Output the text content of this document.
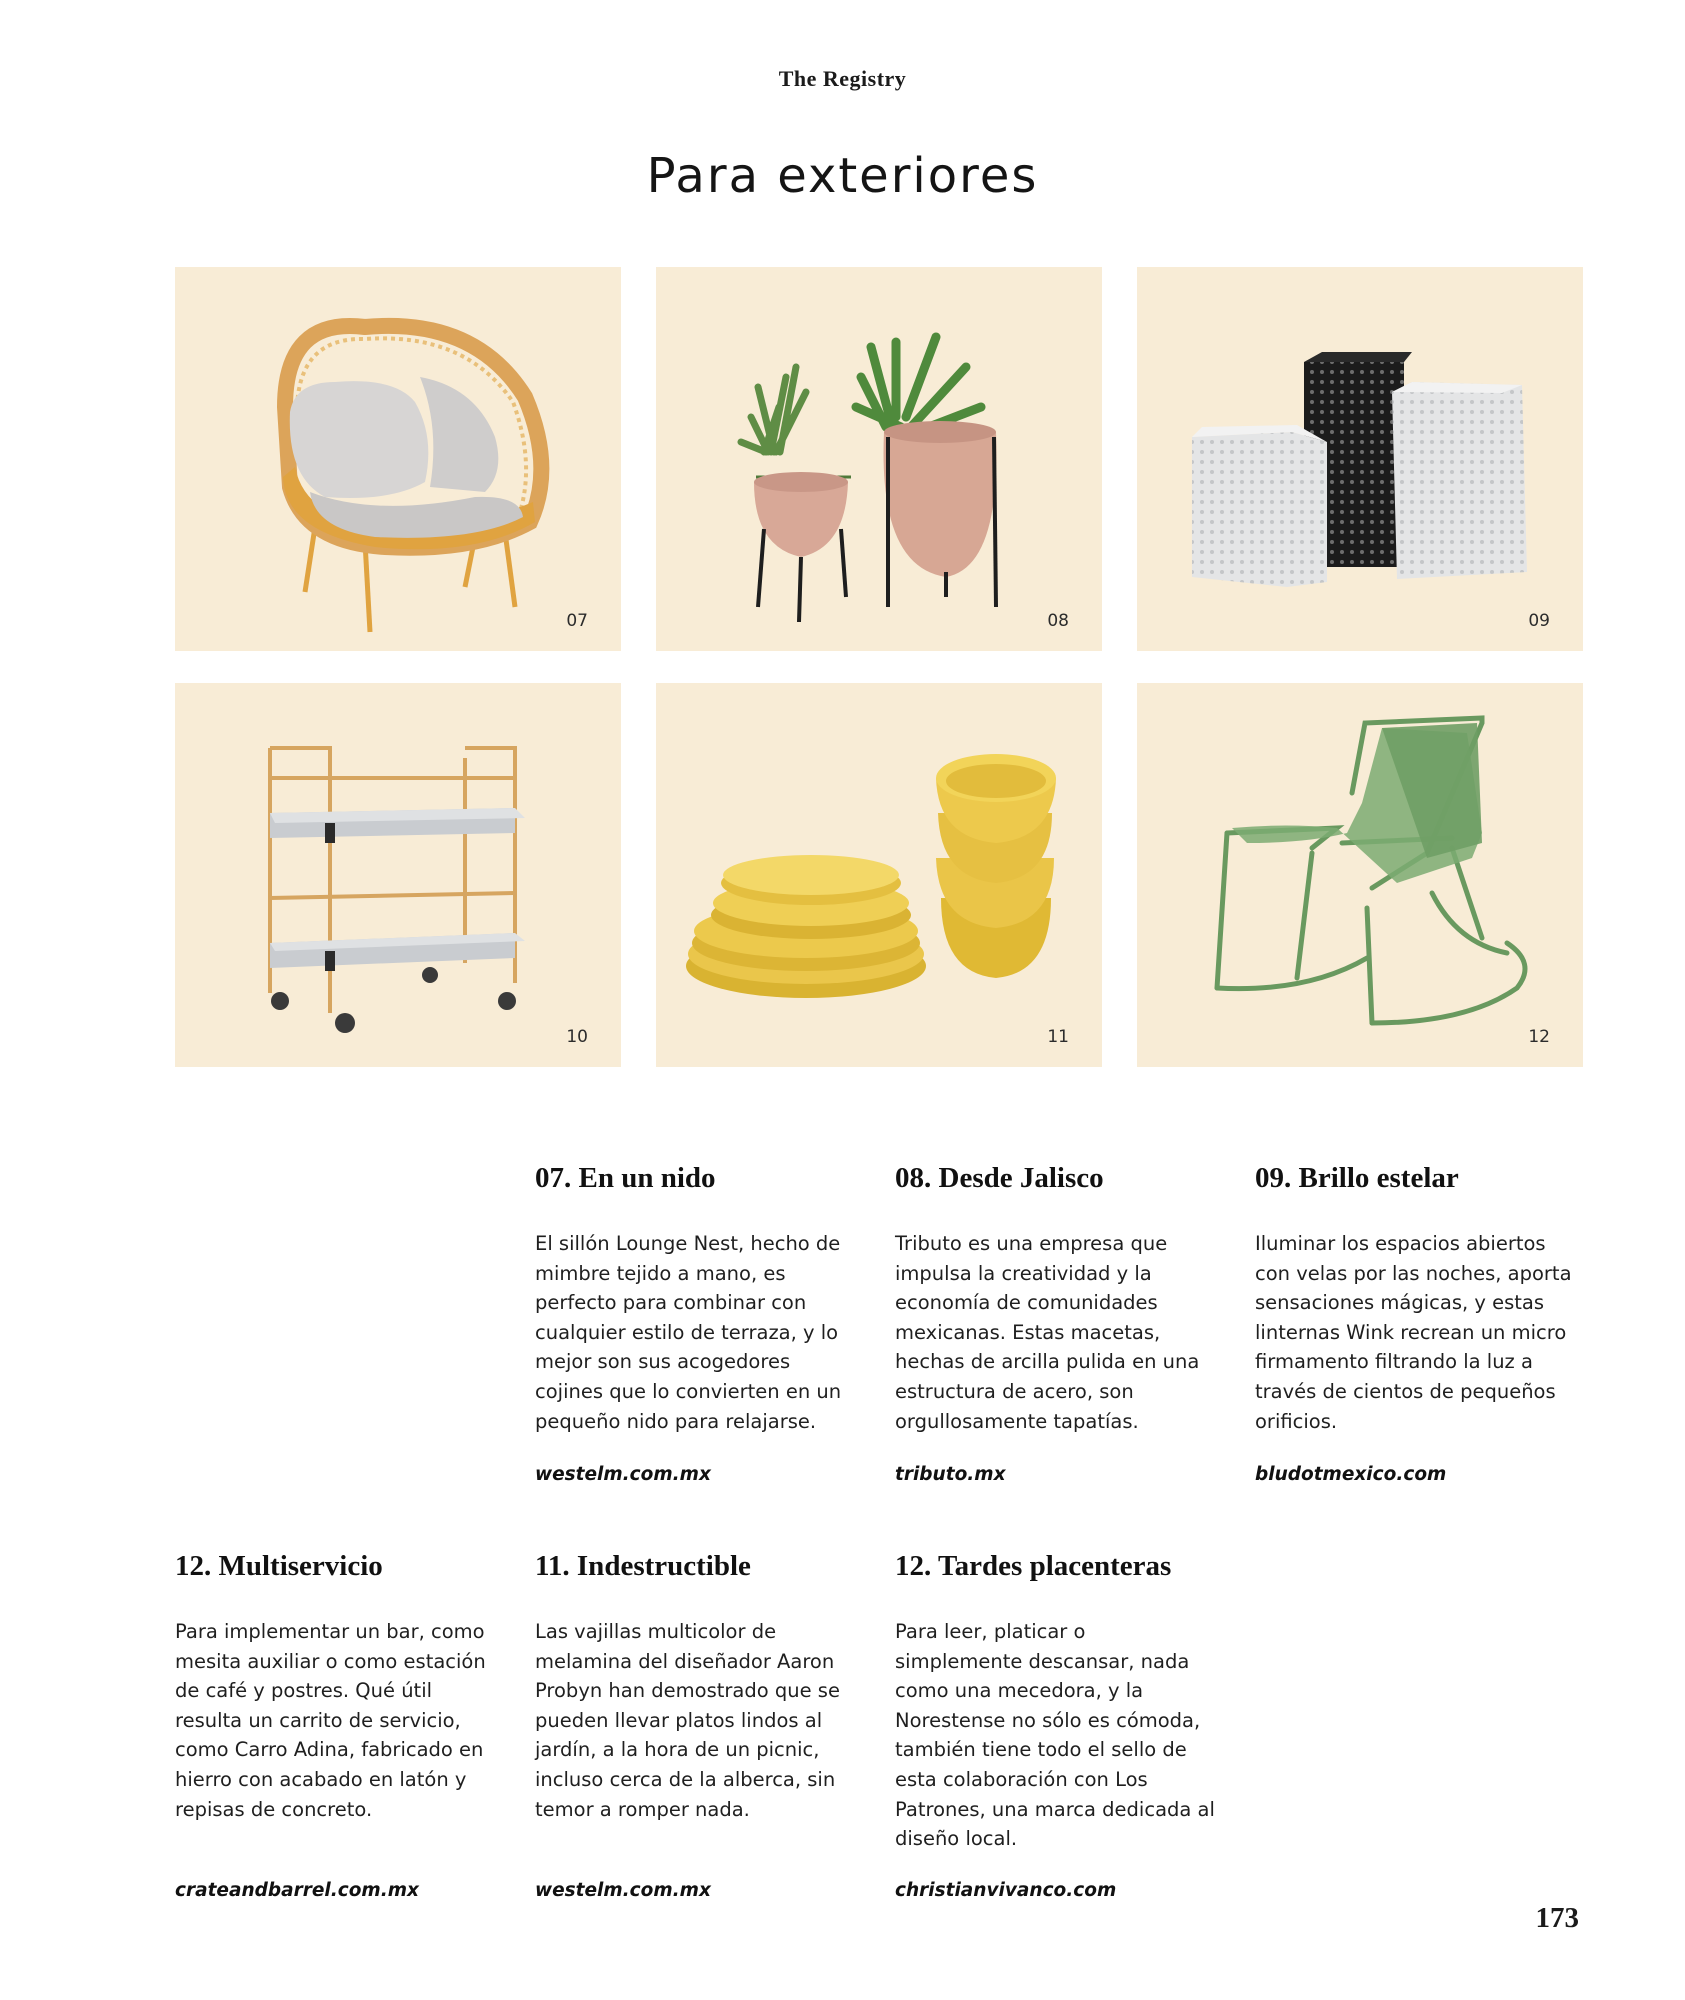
The Registry
Para exteriores
07	08	09
10	11	12
07. En un nido

El sillón Lounge Nest, hecho de mimbre tejido a mano, es perfecto para combinar con cualquier estilo de terraza, y lo mejor son sus acogedores cojines que lo convierten en un pequeño nido para relajarse.

westelm.com.mx
08. Desde Jalisco

Tributo es una empresa que impulsa la creatividad y la economía de comunidades mexicanas. Estas macetas, hechas de arcilla pulida en una estructura de acero, son orgullosamente tapatías.

tributo.mx
09. Brillo estelar

Iluminar los espacios abiertos con velas por las noches, aporta sensaciones mágicas, y estas linternas Wink recrean un micro firmamento filtrando la luz a través de cientos de pequeños orificios.

bludotmexico.com
12. Multiservicio

Para implementar un bar, como mesita auxiliar o como estación de café y postres. Qué útil resulta un carrito de servicio, como Carro Adina, fabricado en hierro con acabado en latón y repisas de concreto.

crateandbarrel.com.mx
11. Indestructible

Las vajillas multicolor de melamina del diseñador Aaron Probyn han demostrado que se pueden llevar platos lindos al jardín, a la hora de un picnic, incluso cerca de la alberca, sin temor a romper nada.

westelm.com.mx
12. Tardes placenteras

Para leer, platicar o simplemente descansar, nada como una mecedora, y la Norestense no sólo es cómoda, también tiene todo el sello de esta colaboración con Los Patrones, una marca dedicada al diseño local.

christianvivanco.com
173
